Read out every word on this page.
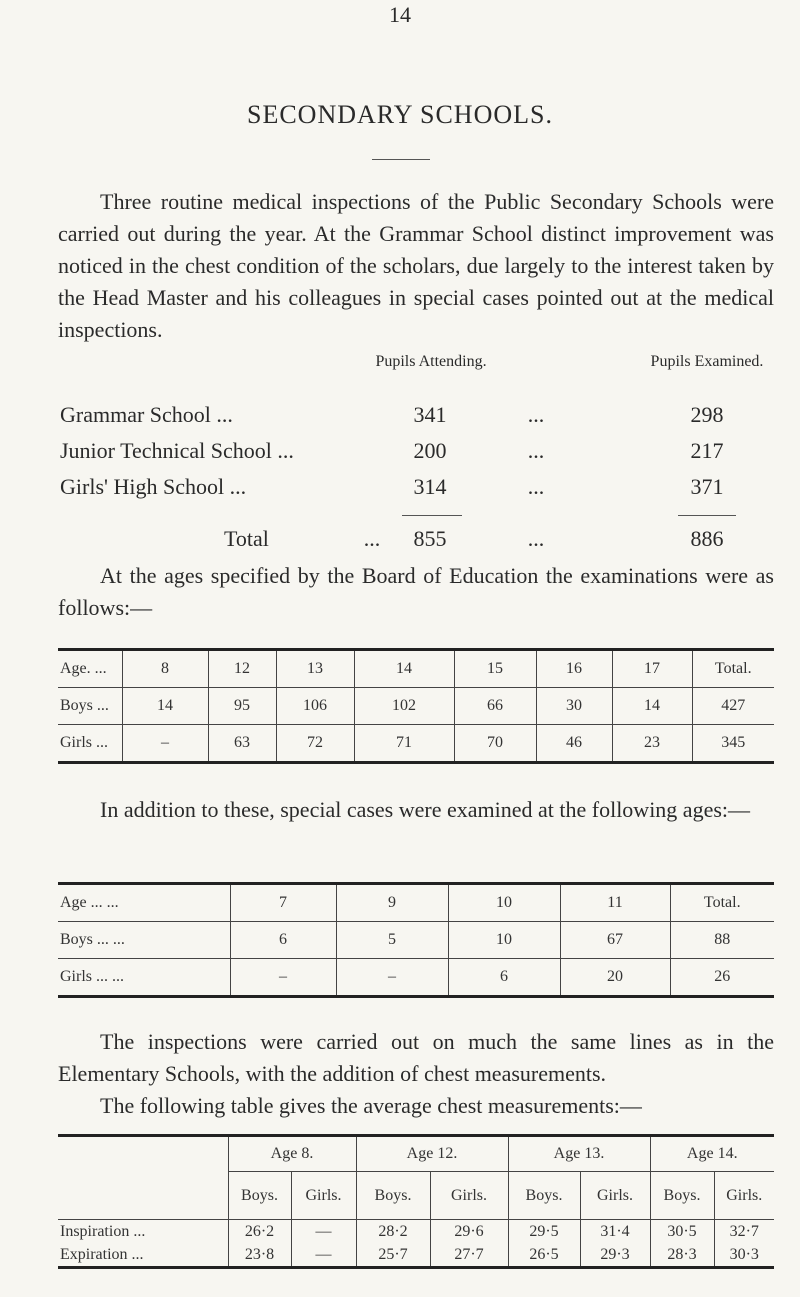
14
SECONDARY SCHOOLS.
Three routine medical inspections of the Public Secondary Schools were carried out during the year. At the Grammar School distinct improvement was noticed in the chest condition of the scholars, due largely to the interest taken by the Head Master and his colleagues in special cases pointed out at the medical inspections.
Pupils Attending.	Pupils Examined.
Grammar School ...	341	...	298
Junior Technical School ...	200	...	217
Girls' High School ...	314	...	371
Total	...	855	...	886
At the ages specified by the Board of Education the examinations were as follows:—
Age. ...	8	12	13	14	15	16	17	Total.
Boys ...	14	95	106	102	66	30	14	427
Girls ...	–	63	72	71	70	46	23	345
In addition to these, special cases were examined at the following ages:—
Age ... ...	7	9	10	11	Total.
Boys ... ...	6	5	10	67	88
Girls ... ...	–	–	6	20	26
The inspections were carried out on much the same lines as in the Elementary Schools, with the addition of chest measurements.
The following table gives the average chest measurements:—
	Age 8.		Age 12.		Age 13.		Age 14.	
	Boys.	Girls.	Boys.	Girls.	Boys.	Girls.	Boys.	Girls.
Inspiration ...	26·2	—	28·2	29·6	29·5	31·4	30·5	32·7
Expiration ...	23·8	—	25·7	27·7	26·5	29·3	28·3	30·3
